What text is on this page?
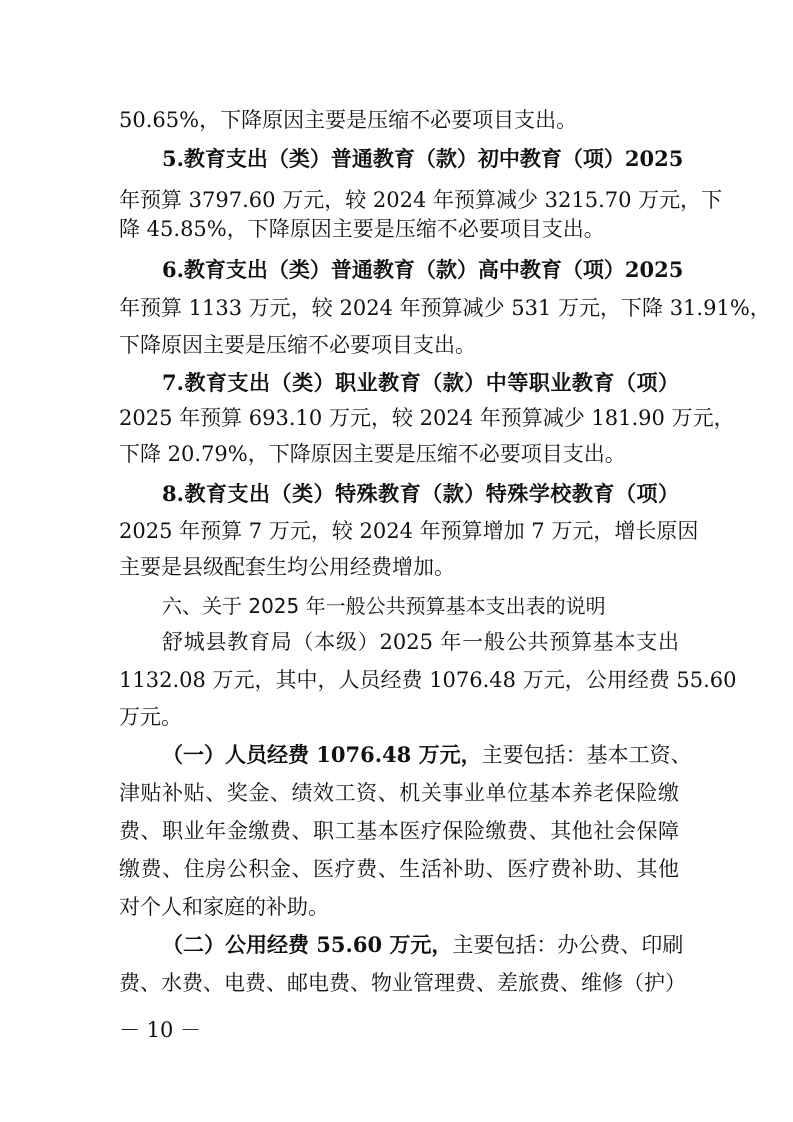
50.65%，下降原因主要是压缩不必要项目支出。
5.教育支出（类）普通教育（款）初中教育（项）2025
年预算 3797.60 万元，较 2024 年预算减少 3215.70 万元，下
降 45.85%，下降原因主要是压缩不必要项目支出。
6.教育支出（类）普通教育（款）高中教育（项）2025
年预算 1133 万元，较 2024 年预算减少 531 万元，下降 31.91%，
下降原因主要是压缩不必要项目支出。
7.教育支出（类）职业教育（款）中等职业教育（项）
2025 年预算 693.10 万元，较 2024 年预算减少 181.90 万元，
下降 20.79%，下降原因主要是压缩不必要项目支出。
8.教育支出（类）特殊教育（款）特殊学校教育（项）
2025 年预算 7 万元，较 2024 年预算增加 7 万元，增长原因
主要是县级配套生均公用经费增加。
六、关于 2025 年一般公共预算基本支出表的说明
舒城县教育局（本级）2025 年一般公共预算基本支出
1132.08 万元，其中，人员经费 1076.48 万元，公用经费 55.60
万元。
（一）人员经费 1076.48 万元，主要包括：基本工资、
津贴补贴、奖金、绩效工资、机关事业单位基本养老保险缴
费、职业年金缴费、职工基本医疗保险缴费、其他社会保障
缴费、住房公积金、医疗费、生活补助、医疗费补助、其他
对个人和家庭的补助。
（二）公用经费 55.60 万元，主要包括：办公费、印刷
费、水费、电费、邮电费、物业管理费、差旅费、维修（护）
－ 10 －
